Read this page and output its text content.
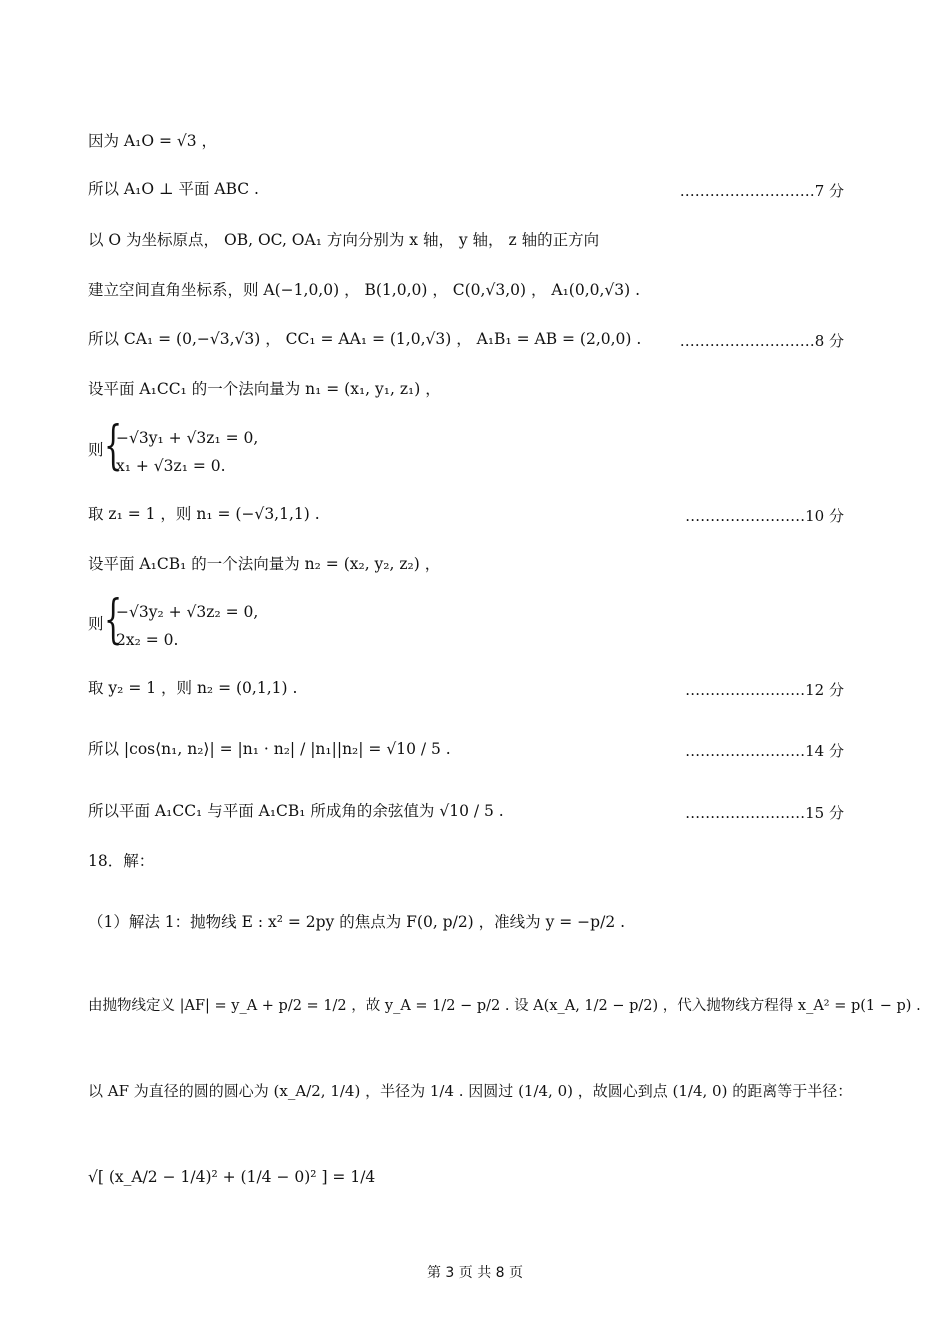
因为 A₁O = √3 ，
所以 A₁O ⊥ 平面 ABC .	………………………7 分
以 O 为坐标原点， OB, OC, OA₁ 方向分别为 x 轴， y 轴， z 轴的正方向
建立空间直角坐标系，则 A(−1,0,0) ， B(1,0,0) ， C(0,√3,0) ， A₁(0,0,√3) .
所以 CA₁ = (0,−√3,√3) ， CC₁ = AA₁ = (1,0,√3) ， A₁B₁ = AB = (2,0,0) .	………………………8 分
设平面 A₁CC₁ 的一个法向量为 n₁ = (x₁, y₁, z₁) ，
则 {
−√3y₁ + √3z₁ = 0,
x₁ + √3z₁ = 0.
取 z₁ = 1 ，则 n₁ = (−√3,1,1) .	……………………10 分
设平面 A₁CB₁ 的一个法向量为 n₂ = (x₂, y₂, z₂) ，
则 {
−√3y₂ + √3z₂ = 0,
2x₂ = 0.
取 y₂ = 1 ，则 n₂ = (0,1,1) .	……………………12 分
所以 |cos⟨n₁, n₂⟩| = |n₁ · n₂| / |n₁||n₂| = √10 / 5 .	……………………14 分
所以平面 A₁CC₁ 与平面 A₁CB₁ 所成角的余弦值为 √10 / 5 .	……………………15 分
18．解：
（1）解法 1：抛物线 E : x² = 2py 的焦点为 F(0, p/2) ，准线为 y = −p/2 .
由抛物线定义 |AF| = y_A + p/2 = 1/2 ，故 y_A = 1/2 − p/2 . 设 A(x_A, 1/2 − p/2) ，代入抛物线方程得 x_A² = p(1 − p) .
以 AF 为直径的圆的圆心为 (x_A/2, 1/4) ，半径为 1/4 . 因圆过 (1/4, 0) ，故圆心到点 (1/4, 0) 的距离等于半径：
√[ (x_A/2 − 1/4)² + (1/4 − 0)² ] = 1/4
第 3 页 共 8 页
